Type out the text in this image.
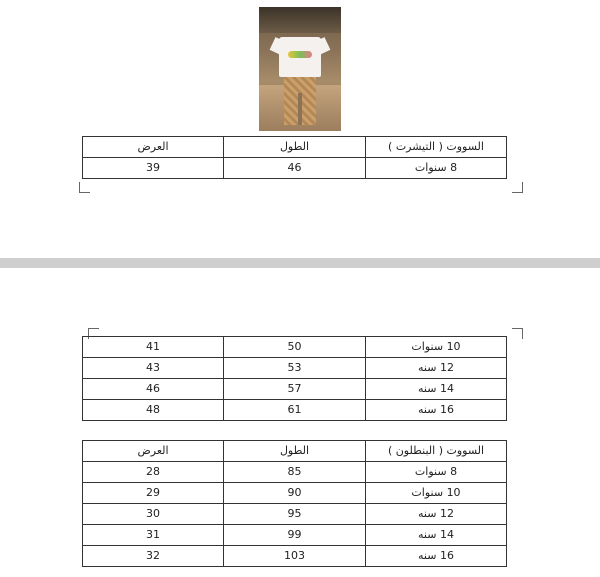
العرض	الطول	السووت ( التيشرت )
39	46	8 سنوات
41	50	10 سنوات
43	53	12 سنه
46	57	14 سنه
48	61	16 سنه
العرض	الطول	السووت ( البنطلون )
28	85	8 سنوات
29	90	10 سنوات
30	95	12 سنه
31	99	14 سنه
32	103	16 سنه
